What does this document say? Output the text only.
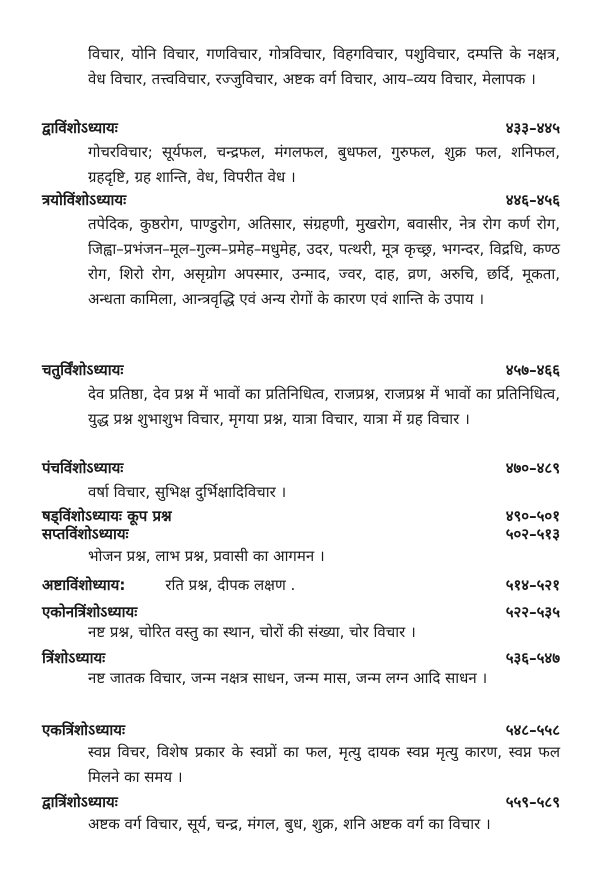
विचार, योनि विचार, गणविचार, गोत्रविचार, विहगविचार, पशुविचार, दम्पत्ति के नक्षत्र, वेध विचार, तत्त्वविचार, रज्जुविचार, अष्टक वर्ग विचार, आय–व्यय विचार, मेलापक ।
द्वाविंशोऽध्यायः	४३३–४४५
गोचरविचार; सूर्यफल, चन्द्रफल, मंगलफल, बुधफल, गुरुफल, शुक्र फल, शनिफल, ग्रहदृष्टि, ग्रह शान्ति, वेध, विपरीत वेध ।
त्रयोविंशोऽध्यायः	४४६–४५६
तपेदिक, कुष्ठरोग, पाण्डुरोग, अतिसार, संग्रहणी, मुखरोग, बवासीर, नेत्र रोग कर्ण रोग, जिह्वा–प्रभंजन–मूल–गुल्म–प्रमेह–मधुमेह, उदर, पत्थरी, मूत्र कृच्छ्र, भगन्दर, विद्रधि, कण्ठ रोग, शिरो रोग, असृग्रोग अपस्मार, उन्माद, ज्वर, दाह, व्रण, अरुचि, छर्दि, मूकता, अन्धता कामिला, आन्त्रवृद्धि एवं अन्य रोगों के कारण एवं शान्ति के उपाय ।
चतुर्विंशोऽध्यायः	४५७–४६६
देव प्रतिष्ठा, देव प्रश्न में भावों का प्रतिनिधित्व, राजप्रश्न, राजप्रश्न में भावों का प्रतिनिधित्व, युद्ध प्रश्न शुभाशुभ विचार, मृगया प्रश्न, यात्रा विचार, यात्रा में ग्रह विचार ।
पंचविंशोऽध्यायः	४७०–४८९
वर्षा विचार, सुभिक्ष दुर्भिक्षादिविचार ।
षड्विंशोऽध्यायः कूप प्रश्न	४९०–५०१
सप्तविंशोऽध्यायः	५०२–५१३
भोजन प्रश्न, लाभ प्रश्न, प्रवासी का आगमन ।
अष्टाविंशोध्याय:	रति प्रश्न, दीपक लक्षण .	५१४–५२१
एकोनत्रिंशोऽध्यायः	५२२–५३५
नष्ट प्रश्न, चोरित वस्तु का स्थान, चोरों की संख्या, चोर विचार ।
त्रिंशोऽध्यायः	५३६–५४७
नष्ट जातक विचार, जन्म नक्षत्र साधन, जन्म मास, जन्म लग्न आदि साधन ।
एकत्रिंशोऽध्यायः	५४८–५५८
स्वप्न विचर, विशेष प्रकार के स्वप्नों का फल, मृत्यु दायक स्वप्न मृत्यु कारण, स्वप्न फल मिलने का समय ।
द्वात्रिंशोऽध्यायः	५५९–५८९
अष्टक वर्ग विचार, सूर्य, चन्द्र, मंगल, बुध, शुक्र, शनि अष्टक वर्ग का विचार ।
